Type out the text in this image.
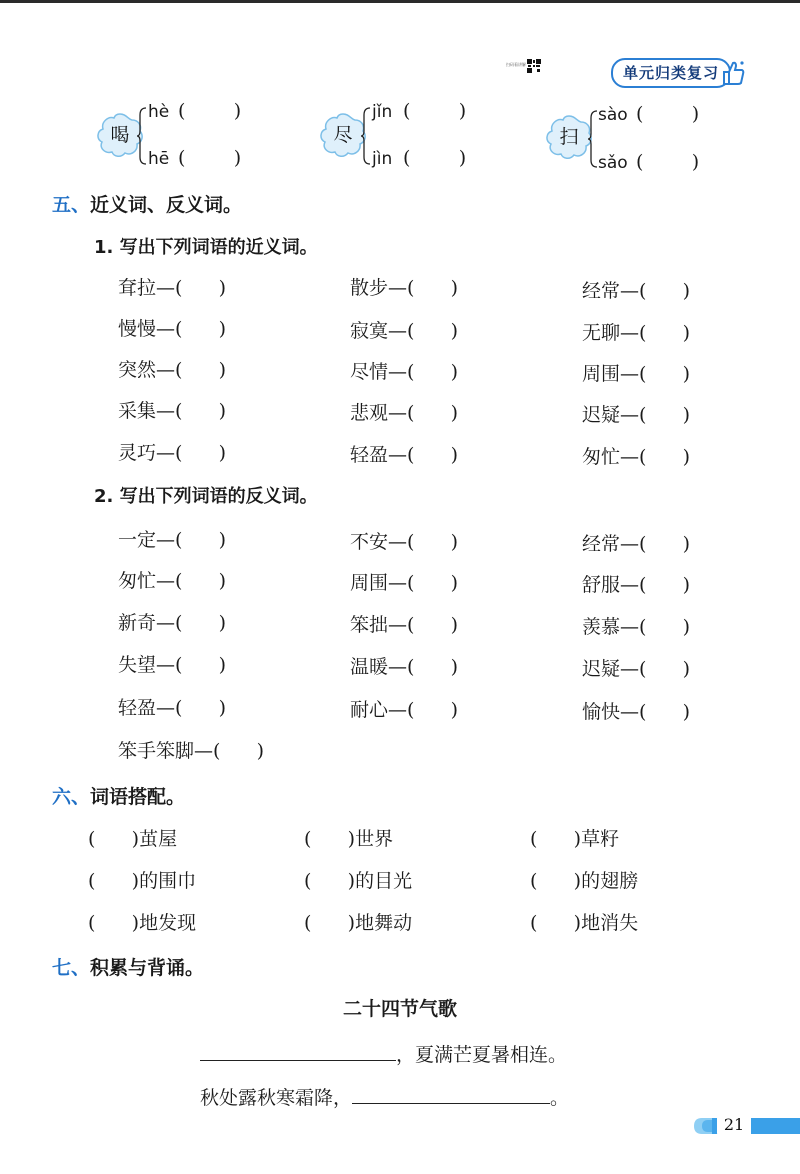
扫码看讲解	单元归类复习
喝
hè (        )
hē (        )
尽
jǐn (        )
jìn (        )
扫
sào (        )
sǎo (        )
五、近义词、反义词。
1. 写出下列词语的近义词。
耷拉—(      )	散步—(      )	经常—(      )
慢慢—(      )	寂寞—(      )	无聊—(      )
突然—(      )	尽情—(      )	周围—(      )
采集—(      )	悲观—(      )	迟疑—(      )
灵巧—(      )	轻盈—(      )	匆忙—(      )
2. 写出下列词语的反义词。
一定—(      )	不安—(      )	经常—(      )
匆忙—(      )	周围—(      )	舒服—(      )
新奇—(      )	笨拙—(      )	羡慕—(      )
失望—(      )	温暖—(      )	迟疑—(      )
轻盈—(      )	耐心—(      )	愉快—(      )
笨手笨脚—(      )
六、词语搭配。
(      )茧屋	(      )世界	(      )草籽
(      )的围巾	(      )的目光	(      )的翅膀
(      )地发现	(      )地舞动	(      )地消失
七、积累与背诵。
二十四节气歌
，夏满芒夏暑相连。
秋处露秋寒霜降，	。
21
